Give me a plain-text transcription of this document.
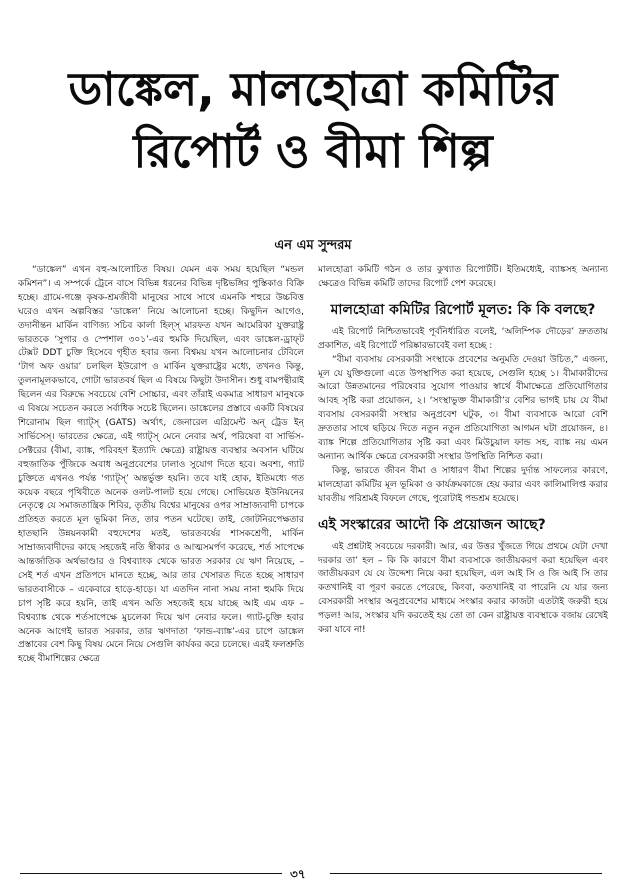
ডাঙ্কেল, মালহোত্রা কমিটির
রিপোর্ট ও বীমা শিল্প
এন এম সুন্দরম

“ডাঙ্কেল” এখন বহু-আলোচিত বিষয়। যেমন এক সময় হয়েছিল “মন্ডল কমিশন”। এ সম্পর্কে ট্রেনে বাসে বিভিন্ন ধরনের বিভিন্ন দৃষ্টিভঙ্গির পুস্তিকাও বিক্রি হচ্ছে। গ্রামে-গঞ্জে কৃষক-শ্রমজীবী মানুষের সাথে সাথে এমনকি শহুরে উচ্চবিত্ত ঘরেও এখন অল্পবিস্তর ‘ডাঙ্কেল’ নিয়ে আলোচনা হচ্ছে। কিছুদিন আগেও, তদানীন্তন মার্কিন বাণিজ্য সচিব কার্লা হিল্‌স্‌ মারফত যখন আমেরিকা যুক্তরাষ্ট্র ভারতকে ‘সুপার ও স্পেশাল ৩০১’-এর হুমকি দিয়েছিল, এবং ডাঙ্কেল-ড্রাফ্‌ট টেক্সট DDT চুক্তি হিসেবে গৃহীত হবার জন্য বিশ্বময় যখন আলোচনার টেবিলে ‘টাগ অফ ওয়ার’ চলছিল ইউরোপ ও মার্কিন যুক্তরাষ্ট্রের মধ্যে, তখনও কিন্তু, তুলনামূলকভাবে, গোটা ভারতবর্ষ ছিল এ বিষয়ে কিছুটা উদাসীন। শুধু বামপন্থীরাই ছিলেন এর বিরুদ্ধে সবচেয়ে বেশি সোচ্চার, এবং তাঁরাই একমাত্র সাধারণ মানুষকে এ বিষয়ে সচেতন করতে সর্বাধিক সচেষ্ট ছিলেন। ডাঙ্কেলের প্রস্তাবে একটি বিষয়ের শিরোনাম ছিল গ্যাট্‌স্‌ (GATS) অর্থাৎ, জেনারেল এগ্রিমেন্ট অন্‌ ট্রেড ইন্‌ সার্ভিসেস্‌। ভারতের ক্ষেত্রে, এই গ্যাট্‌স্‌ মেনে নেবার অর্থ, পরিষেবা বা সার্ভিস-সেক্টরের (বীমা, ব্যাঙ্ক, পরিবহণ ইত্যাদি ক্ষেত্রে) রাষ্ট্রায়ত্ত ব্যবস্থার অবসান ঘটিয়ে বহুজাতিক পুঁজিকে অবাধ অনুপ্রবেশের ঢালাও সুযোগ দিতে হবে। অবশ্য, গ্যাট চুক্তিতে এখনও পর্যন্ত ‘গ্যাট্‌স্‌’ অন্তর্ভুক্ত হয়নি। তবে যাই হোক, ইতিমধ্যে গত কয়েক বছরে পৃথিবীতে অনেক ওলট-পালট হয়ে গেছে। সোভিয়েত ইউনিয়নের নেতৃত্বে যে সমাজতান্ত্রিক শিবির, তৃতীয় বিশ্বের মানুষের ওপর সাম্রাজ্যবাদী চাপকে প্রতিহত করতে মূল ভূমিকা নিত, তার পতন ঘটেছে। তাই, জোটনিরপেক্ষতার হাতছানি উন্নয়নকামী বহুদেশের মতই, ভারতবর্ষের শাসকশ্রেণী, মার্কিন সাম্রাজ্যবাদীদের কাছে সহজেই নতি স্বীকার ও আত্মসমর্পণ করেছে, শর্ত সাপেক্ষে আন্তর্জাতিক অর্থভাণ্ডার ও বিশ্বব্যাংক থেকে ভারত সরকার যে ঋণ নিয়েছে, – সেই শর্ত এখন প্রতিপদে মানতে হচ্ছে, আর তার খেসারত দিতে হচ্ছে সাধারণ ভারতবাসীকে – একেবারে হাড়ে-হাড়ে। যা এতদিন নানা সময় নানা হুমকি দিয়ে চাপ সৃষ্টি করে হয়নি, তাই এখন অতি সহজেই হয়ে যাচ্ছে আই এম এফ – বিশ্বব্যাঙ্ক থেকে শর্তসাপেক্ষে মুচলেকা দিয়ে ঋণ নেবার ফলে। গ্যাট-চুক্তি হবার অনেক আগেই ভারত সরকার, তার ঋণদাতা ‘ফান্ড-ব্যাঙ্ক’-এর চাপে ডাঙ্কেল প্রস্তাবের বেশ কিছু বিষয় মেনে নিয়ে সেগুলি কার্যকর করে চলেছে। এরই ফলশ্রুতি হচ্ছে বীমাশিল্পের ক্ষেত্রে

মালহোত্রা কমিটি গঠন ও তার কুখ্যাত রিপোর্টটি। ইতিমধ্যেই, ব্যাঙ্কসহ অন্যান্য ক্ষেত্রেও বিভিন্ন কমিটি তাদের রিপোর্ট পেশ করেছে।

মালহোত্রা কমিটির রিপোর্ট মূলত: কি কি বলছে?

এই রিপোর্ট নিশ্চিতভাবেই পূর্বনির্ধারিত বলেই, ‘অলিম্পিক দৌড়ের’ দ্রুততায় প্রকাশিত, এই রিপোর্টে পরিষ্কারভাবেই বলা হচ্ছে :

“বীমা ব্যবসায় বেসরকারী সংস্থাকে প্রবেশের অনুমতি দেওয়া উচিত,” এজন্য, মূল যে যুক্তিগুলো এতে উপস্থাপিত করা হয়েছে, সেগুলি হচ্ছে ১। বীমাকারীদের আরো উন্নতমানের পরিষেবার সুযোগ পাওয়ার স্বার্থে বীমাক্ষেত্রে প্রতিযোগিতার আবহ সৃষ্টি করা প্রয়োজন, ২। ‘সংস্থাভুক্ত বীমাকারী’র বেশির ভাগই চায় যে বীমা ব্যবসায় বেসরকারী সংস্থার অনুপ্রবেশ ঘটুক, ৩। বীমা ব্যবসাকে আরো বেশি দ্রুততার সাথে ছড়িয়ে দিতে নতুন নতুন প্রতিযোগিতা আগমন ঘটা প্রয়োজন, ৪। ব্যাঙ্ক শিল্পে প্রতিযোগিতার সৃষ্টি করা এবং মিউচুয়াল ফান্ড সহ, ব্যাঙ্ক নয় এমন অন্যান্য আর্থিক ক্ষেত্রে বেসরকারী সংস্থার উপস্থিতি নিশ্চিত করা।

কিন্তু, ভারতে জীবন বীমা ও সাধারণ বীমা শিল্পের দুর্দান্ত সাফল্যের কারণে, মালহোত্রা কমিটির মূল ভূমিকা ও কার্যক্রমকাজে হেয় করার এবং কালিমালিপ্ত করার যাবতীয় পরিশ্রমই বিফলে গেছে, পুরোটাই পন্ডশ্রম হয়েছে।

এই সংস্কারের আদৌ কি প্রয়োজন আছে?

এই প্রশ্নটাই সবচেয়ে দরকারী। আর, এর উত্তর খুঁজতে গিয়ে প্রথমে যেটা দেখা দরকার তা’ হল – কি কি কারণে বীমা ব্যবসাকে জাতীয়করণ করা হয়েছিল এবং জাতীয়করণ যে যে উদ্দেশ্য নিয়ে করা হয়েছিল, এল আই সি ও জি আই সি তার কতখানিই বা পূরণ করতে পেরেছে, কিংবা, কতখানিই বা পারেনি যে যার জন্য বেসরকারী সংস্থার অনুপ্রবেশের মাধ্যমে সংস্কার করার কাজটা এতটাই জরুরী হয়ে পড়ল! আর, সংস্কার যদি করতেই হয় তো তা কেন রাষ্ট্রায়ত্ত ব্যবস্থাকে বজায় রেখেই করা যাবে না!

৩৭
